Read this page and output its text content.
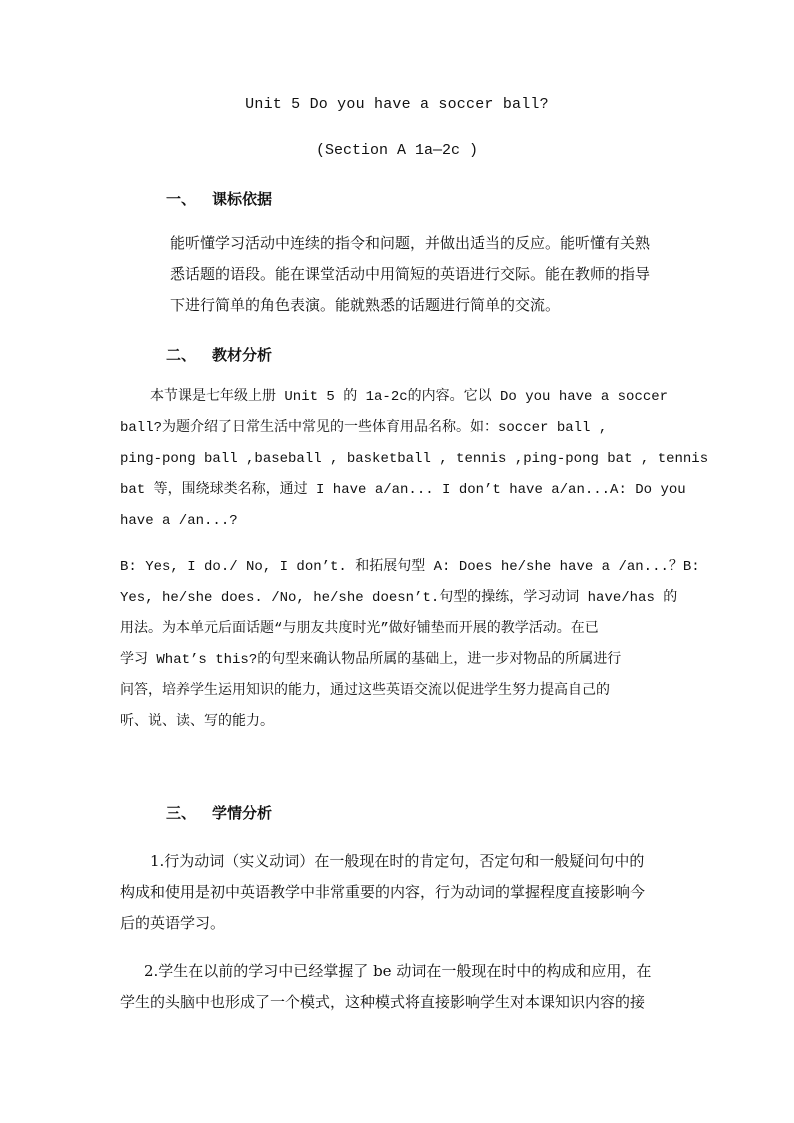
Unit 5 Do you have a soccer ball?
(Section A 1a—2c )
一、 课标依据
能听懂学习活动中连续的指令和问题，并做出适当的反应。能听懂有关熟
悉话题的语段。能在课堂活动中用简短的英语进行交际。能在教师的指导
下进行简单的角色表演。能就熟悉的话题进行简单的交流。
二、 教材分析
本节课是七年级上册 Unit 5 的 1a-2c的内容。它以 Do you have a soccer
ball?为题介绍了日常生活中常见的一些体育用品名称。如：soccer ball ,
ping-pong ball ,baseball , basketball , tennis ,ping-pong bat , tennis
bat 等，围绕球类名称，通过 I have a/an... I don’t have a/an...A: Do you
have a /an...?
B: Yes, I do./ No, I don’t. 和拓展句型 A: Does he/she have a /an...？B:
Yes, he/she does. /No, he/she doesn’t.句型的操练，学习动词 have/has 的
用法。为本单元后面话题“与朋友共度时光”做好铺垫而开展的教学活动。在已
学习 What’s this?的句型来确认物品所属的基础上，进一步对物品的所属进行
问答，培养学生运用知识的能力，通过这些英语交流以促进学生努力提高自己的
听、说、读、写的能力。
三、 学情分析
1.行为动词（实义动词）在一般现在时的肯定句，否定句和一般疑问句中的
构成和使用是初中英语教学中非常重要的内容，行为动词的掌握程度直接影响今
后的英语学习。
2.学生在以前的学习中已经掌握了 be 动词在一般现在时中的构成和应用，在
学生的头脑中也形成了一个模式，这种模式将直接影响学生对本课知识内容的接
